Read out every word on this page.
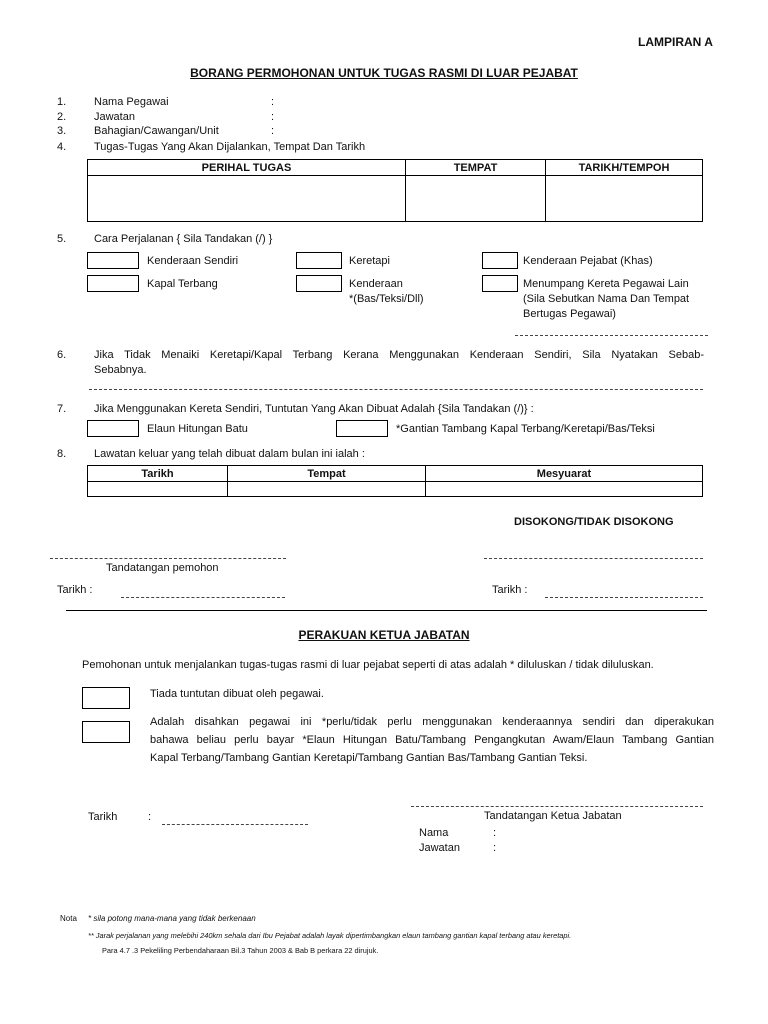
LAMPIRAN A
BORANG PERMOHONAN UNTUK TUGAS RASMI DI LUAR PEJABAT
1.	Nama Pegawai	:
2.	Jawatan	:
3.	Bahagian/Cawangan/Unit	:
4.	Tugas-Tugas Yang Akan Dijalankan, Tempat Dan Tarikh
PERIHAL TUGAS	TEMPAT	TARIKH/TEMPOH

5.	Cara Perjalanan { Sila Tandakan (/) }
Kenderaan Sendiri	Keretapi	Kenderaan Pejabat (Khas)
Kapal Terbang	Kenderaan
*(Bas/Teksi/Dll)
Menumpang Kereta Pegawai Lain
(Sila Sebutkan Nama Dan Tempat
Bertugas Pegawai)
6.	Jika Tidak Menaiki Keretapi/Kapal Terbang Kerana Menggunakan Kenderaan Sendiri, Sila Nyatakan Sebab-
Sebabnya.
7.	Jika Menggunakan Kereta Sendiri, Tuntutan Yang Akan Dibuat Adalah {Sila Tandakan (/)} :
Elaun Hitungan Batu	*Gantian Tambang Kapal Terbang/Keretapi/Bas/Teksi
8.	Lawatan keluar yang telah dibuat dalam bulan ini ialah :
Tarikh	Tempat	Mesyuarat

DISOKONG/TIDAK DISOKONG
Tandatangan pemohon
Tarikh :	Tarikh :
PERAKUAN KETUA JABATAN
Pemohonan untuk menjalankan tugas-tugas rasmi di luar pejabat seperti di atas adalah * diluluskan / tidak diluluskan.
Tiada tuntutan dibuat oleh pegawai.
Adalah disahkan pegawai ini *perlu/tidak perlu menggunakan kenderaannya sendiri dan diperakukan
bahawa beliau perlu bayar *Elaun Hitungan Batu/Tambang Pengangkutan Awam/Elaun Tambang Gantian
Kapal Terbang/Tambang Gantian Keretapi/Tambang Gantian Bas/Tambang Gantian Teksi.
Tarikh	:	Tandatangan Ketua Jabatan
Nama	:
Jawatan	:
Nota * sila potong mana-mana yang tidak berkenaan
** Jarak perjalanan yang melebihi 240km sehala dari Ibu Pejabat adalah layak dipertimbangkan elaun tambang gantian kapal terbang atau keretapi.
Para 4.7 .3 Pekeliling Perbendaharaan Bil.3 Tahun 2003 & Bab B perkara 22 dirujuk.
